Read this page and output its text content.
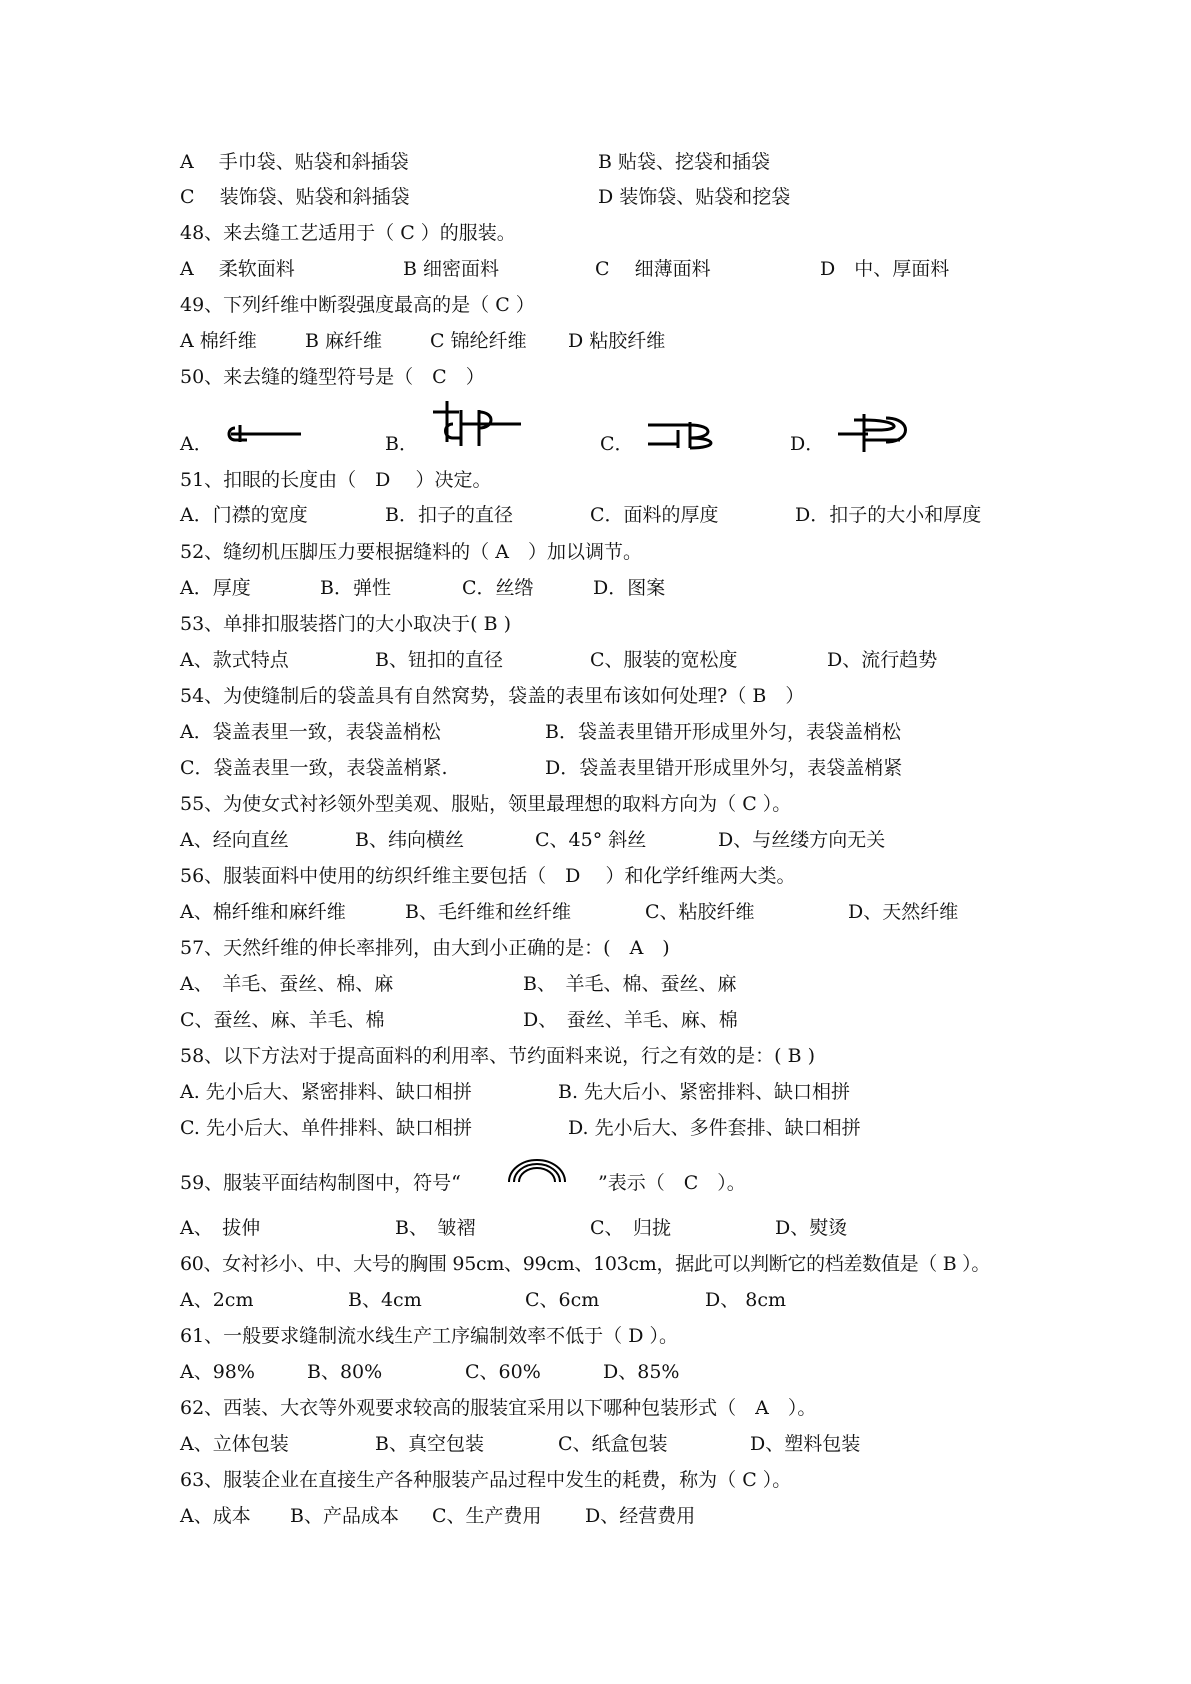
A　 手巾袋、贴袋和斜插袋	B 贴袋、挖袋和插袋
C　 装饰袋、贴袋和斜插袋	D 装饰袋、贴袋和挖袋
48、来去缝工艺适用于（ C ）的服装。
A　 柔软面料	B 细密面料	C　 细薄面料	D　中、厚面料
49、下列纤维中断裂强度最高的是（ C ）
A 棉纤维	B 麻纤维	C 锦纶纤维 D 粘胶纤维
50、来去缝的缝型符号是（　C　）
A．	B．	C．	D．
51、扣眼的长度由（　D　 ）决定。
A．门襟的宽度	B．扣子的直径	C．面料的厚度	D．扣子的大小和厚度
52、缝纫机压脚压力要根据缝料的（ A　）加以调节。
A．厚度	B．弹性	C．丝绺	D．图案
53、单排扣服装搭门的大小取决于( B )
A、款式特点	B、钮扣的直径	C、服装的宽松度	D、流行趋势
54、为使缝制后的袋盖具有自然窝势，袋盖的表里布该如何处理?（ B　）
A．袋盖表里一致，表袋盖梢松	B．袋盖表里错开形成里外匀，表袋盖梢松
C．袋盖表里一致，表袋盖梢紧.	D．袋盖表里错开形成里外匀，表袋盖梢紧
55、为使女式衬衫领外型美观、服贴，领里最理想的取料方向为（ C ）。
A、经向直丝	B、纬向横丝	C、45° 斜丝	D、与丝缕方向无关
56、服装面料中使用的纺织纤维主要包括（　D　 ）和化学纤维两大类。
A、棉纤维和麻纤维	B、毛纤维和丝纤维	C、粘胶纤维	D、天然纤维
57、天然纤维的伸长率排列，由大到小正确的是：(　A　)
A、　羊毛、蚕丝、棉、麻	B、　羊毛、棉、蚕丝、麻
C、蚕丝、麻、羊毛、棉	D、　蚕丝、羊毛、麻、棉
58、以下方法对于提高面料的利用率、节约面料来说，行之有效的是：( B )
A. 先小后大、紧密排料、缺口相拼	B. 先大后小、紧密排料、缺口相拼
C. 先小后大、单件排料、缺口相拼	D. 先小后大、多件套排、缺口相拼
59、服装平面结构制图中，符号“	”表示（　C　）。
A、　拔伸	B、　皱褶	C、　归拢	D、熨烫
60、女衬衫小、中、大号的胸围 95cm、99cm、103cm，据此可以判断它的档差数值是（ B ）。
A、2cm	B、4cm	C、6cm	D、 8cm
61、一般要求缝制流水线生产工序编制效率不低于（ D ）。
A、98%	B、80%	C、60%	D、85%
62、西装、大衣等外观要求较高的服装宜采用以下哪种包装形式（　A　）。
A、立体包装	B、真空包装	C、纸盒包装	D、塑料包装
63、服装企业在直接生产各种服装产品过程中发生的耗费，称为（ C ）。
A、成本 B、产品成本 C、生产费用 D、经营费用
